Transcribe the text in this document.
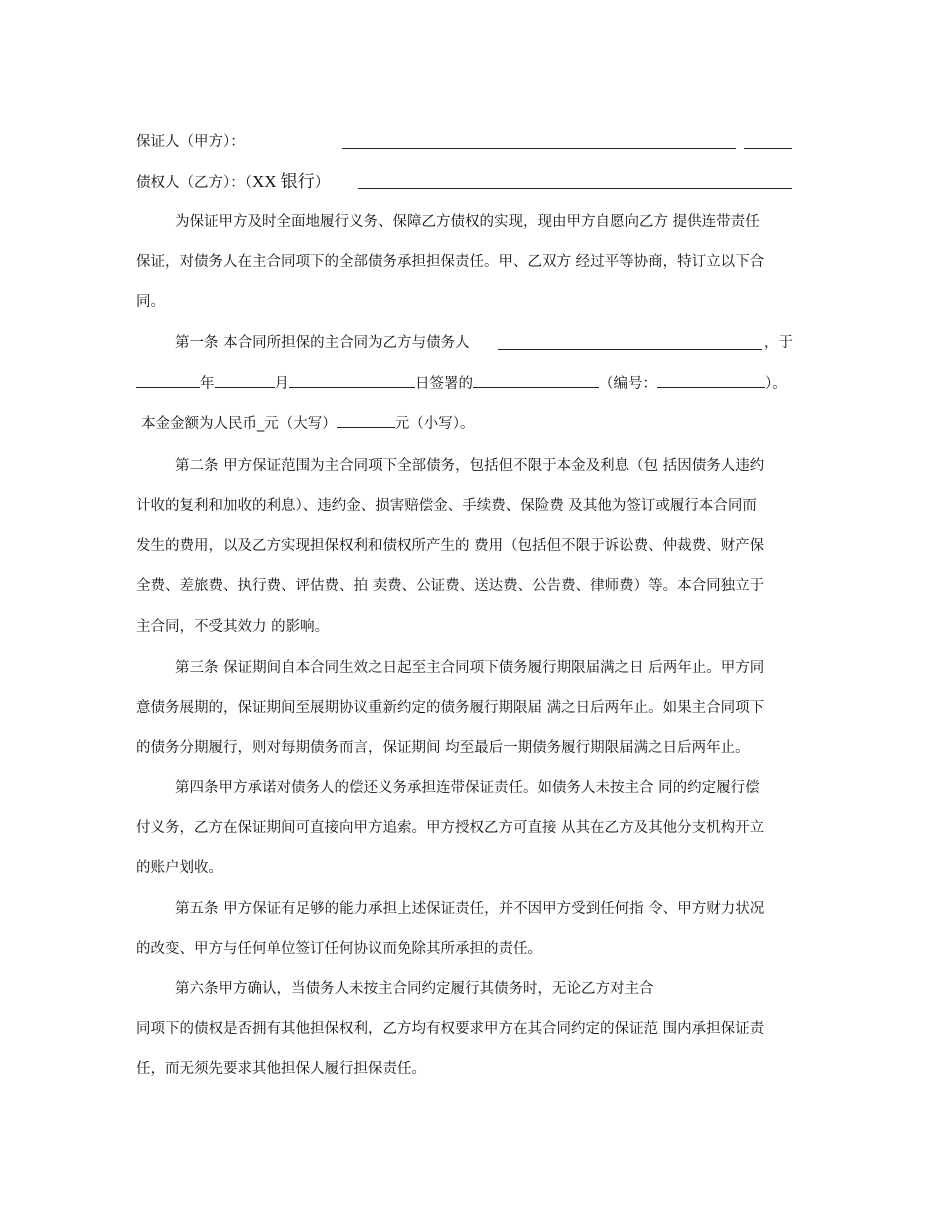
保证人（甲方）：
债权人（乙方）：（XX 银行）
为保证甲方及时全面地履行义务、保障乙方债权的实现，现由甲方自愿向乙方 提供连带责任
保证，对债务人在主合同项下的全部债务承担担保责任。甲、乙双方 经过平等协商，特订立以下合
同。
第一条 本合同所担保的主合同为乙方与债务人	，于
年	月	日签署的	（编号：	）。
本金金额为人民币_元（大写）	元（小写）。
第二条 甲方保证范围为主合同项下全部债务，包括但不限于本金及利息（包 括因债务人违约
计收的复利和加收的利息）、违约金、损害赔偿金、手续费、保险费 及其他为签订或履行本合同而
发生的费用，以及乙方实现担保权利和债权所产生的 费用（包括但不限于诉讼费、仲裁费、财产保
全费、差旅费、执行费、评估费、拍 卖费、公证费、送达费、公告费、律师费）等。本合同独立于
主合同，不受其效力 的影响。
第三条 保证期间自本合同生效之日起至主合同项下债务履行期限届满之日 后两年止。甲方同
意债务展期的，保证期间至展期协议重新约定的债务履行期限届 满之日后两年止。如果主合同项下
的债务分期履行，则对每期债务而言，保证期间 均至最后一期债务履行期限届满之日后两年止。
第四条甲方承诺对债务人的偿还义务承担连带保证责任。如债务人未按主合 同的约定履行偿
付义务，乙方在保证期间可直接向甲方追索。甲方授权乙方可直接 从其在乙方及其他分支机构开立
的账户划收。
第五条 甲方保证有足够的能力承担上述保证责任，并不因甲方受到任何指 令、甲方财力状况
的改变、甲方与任何单位签订任何协议而免除其所承担的责任。
第六条甲方确认，当债务人未按主合同约定履行其债务时，无论乙方对主合
同项下的债权是否拥有其他担保权利，乙方均有权要求甲方在其合同约定的保证范 围内承担保证责
任，而无须先要求其他担保人履行担保责任。
